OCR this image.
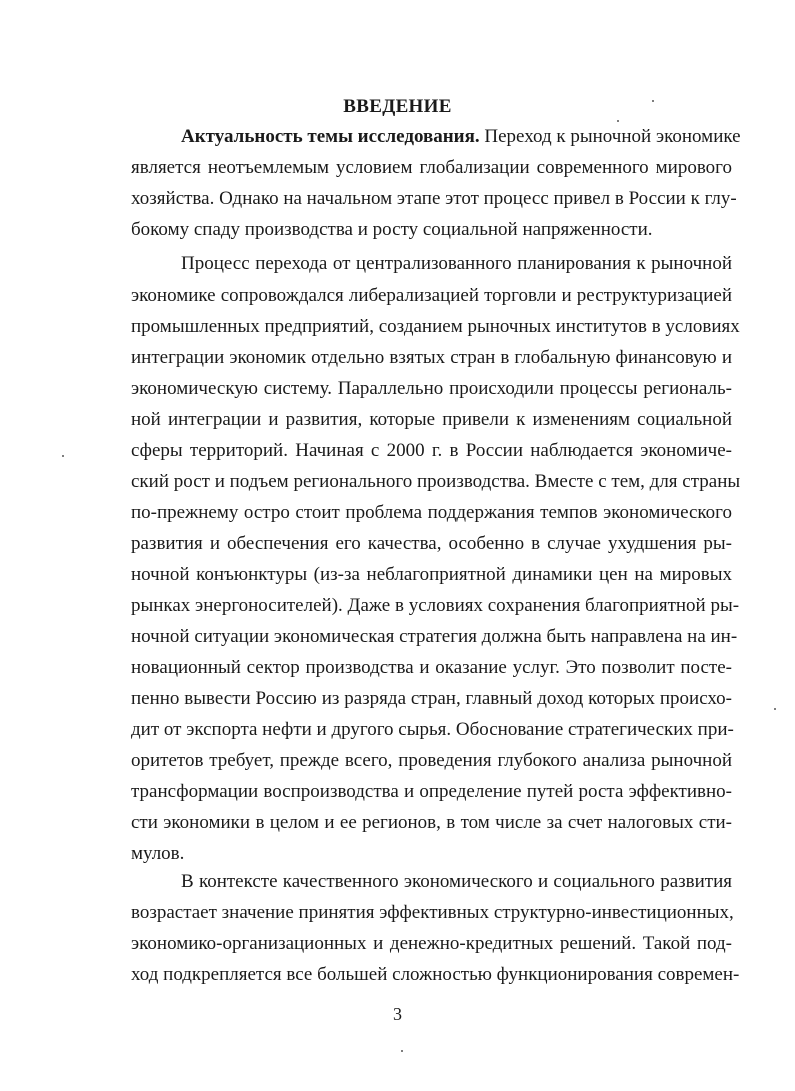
ВВЕДЕНИЕ
Актуальность темы исследования. Переход к рыночной экономике
является неотъемлемым условием глобализации современного мирового
хозяйства. Однако на начальном этапе этот процесс привел в России к глу-
бокому спаду производства и росту социальной напряженности.
Процесс перехода от централизованного планирования к рыночной
экономике сопровождался либерализацией торговли и реструктуризацией
промышленных предприятий, созданием рыночных институтов в условиях
интеграции экономик отдельно взятых стран в глобальную финансовую и
экономическую систему. Параллельно происходили процессы региональ-
ной интеграции и развития, которые привели к изменениям социальной
сферы территорий. Начиная с 2000 г. в России наблюдается экономиче-
ский рост и подъем регионального производства. Вместе с тем, для страны
по-прежнему остро стоит проблема поддержания темпов экономического
развития и обеспечения его качества, особенно в случае ухудшения ры-
ночной конъюнктуры (из-за неблагоприятной динамики цен на мировых
рынках энергоносителей). Даже в условиях сохранения благоприятной ры-
ночной ситуации экономическая стратегия должна быть направлена на ин-
новационный сектор производства и оказание услуг. Это позволит посте-
пенно вывести Россию из разряда стран, главный доход которых происхо-
дит от экспорта нефти и другого сырья. Обоснование стратегических при-
оритетов требует, прежде всего, проведения глубокого анализа рыночной
трансформации воспроизводства и определение путей роста эффективно-
сти экономики в целом и ее регионов, в том числе за счет налоговых сти-
мулов.
В контексте качественного экономического и социального развития
возрастает значение принятия эффективных структурно-инвестиционных,
экономико-организационных и денежно-кредитных решений. Такой под-
ход подкрепляется все большей сложностью функционирования современ-
3
